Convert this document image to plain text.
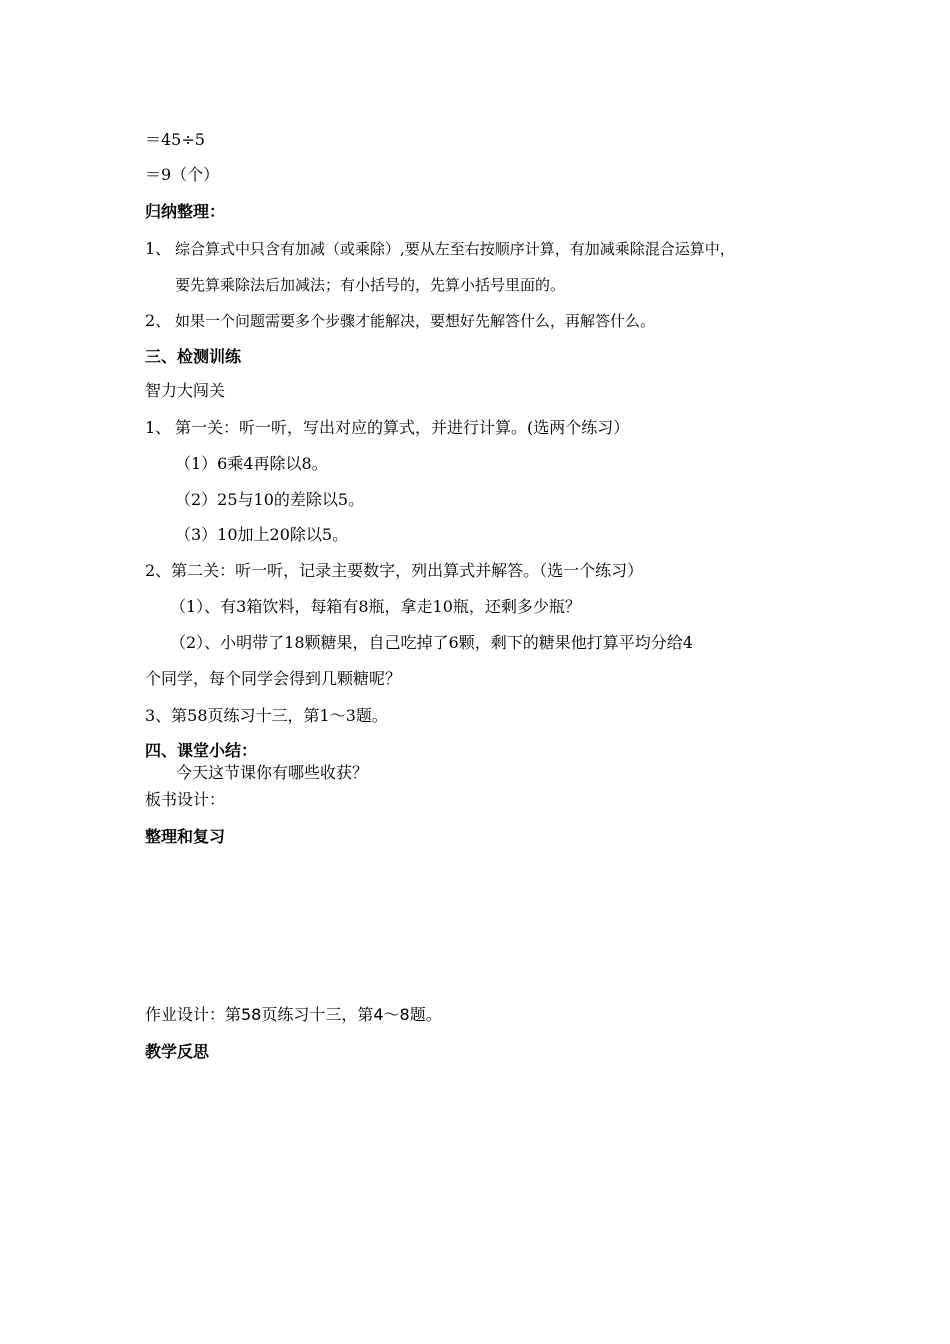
＝45÷5
＝9（个）
归纳整理：
1、 综合算式中只含有加减（或乘除）,要从左至右按顺序计算，有加减乘除混合运算中，
要先算乘除法后加减法；有小括号的，先算小括号里面的。
2、 如果一个问题需要多个步骤才能解决，要想好先解答什么，再解答什么。
三、检测训练
智力大闯关
1、 第一关：听一听，写出对应的算式，并进行计算。(选两个练习）
（1）6乘4再除以8。
（2）25与10的差除以5。
（3）10加上20除以5。
2、第二关：听一听，记录主要数字，列出算式并解答。（选一个练习）
（1）、有3箱饮料，每箱有8瓶，拿走10瓶，还剩多少瓶？
（2）、小明带了18颗糖果，自己吃掉了6颗，剩下的糖果他打算平均分给4
个同学，每个同学会得到几颗糖呢？
3、第58页练习十三，第1～3题。
四、课堂小结：
今天这节课你有哪些收获？
板书设计：
整理和复习
作业设计：第58页练习十三，第4～8题。
教学反思
